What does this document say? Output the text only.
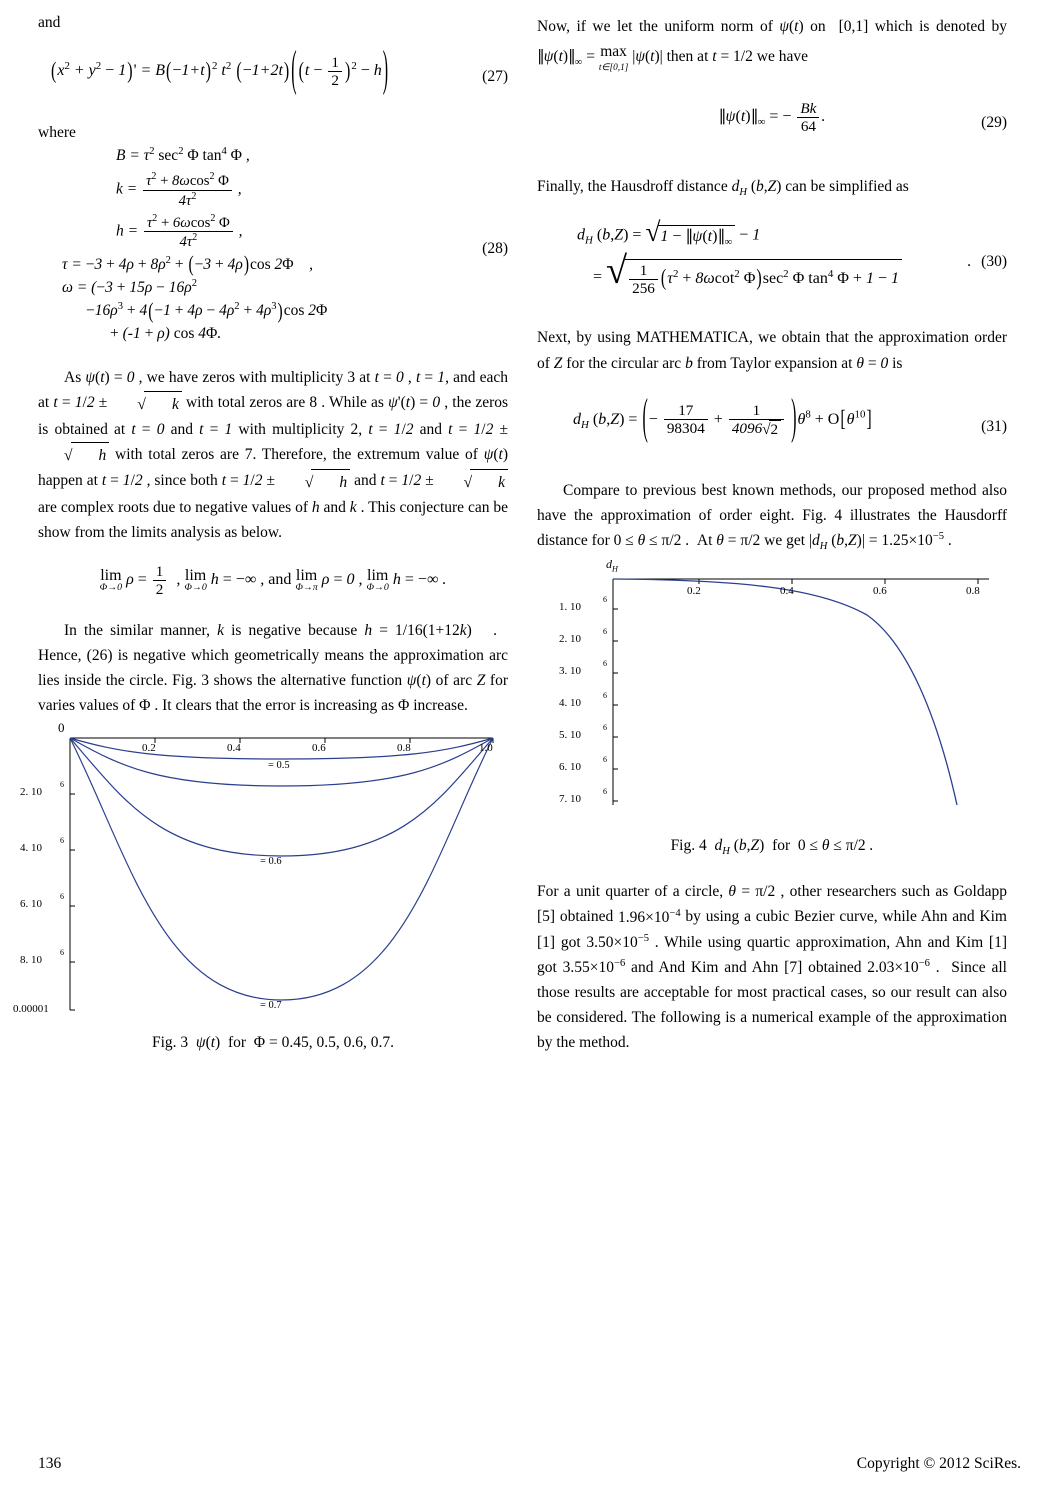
and
$(x^2 + y^2 - 1)' = B(-1+t)^2$ $t^2$ (−1+2t) ( $(t - \frac{1}{2} )^2 - h$)	(27)
where
$B = \tau^2$ $\sec^2 \Phi$ $\tan^4 \Phi$ ,
$k = \frac{\tau^2 + 8\omega\cos^2 \Phi}{4\tau^2}$ ,
$h = \frac{\tau^2 + 6\omega\cos^2 \Phi}{4\tau^2}$ ,
$\tau = -3 + 4\rho + 8\rho^2 + (-3 + 4\rho)\cos$ 2Φ    ,
$\omega = (-3 + 15\rho - 16\rho^2$
$-16\rho^3 + 4(-1 + 4\rho - 4\rho^2 + 4\rho^3)\cos$ 2Φ
+ (-1 + ρ) cos 4Φ.
(28)

As ψ(t) = 0 , we have zeros with multiplicity 3 at t = 0 , t = 1, and each at t = 1/2 ± √ k with total zeros are 8 . While as ψ'(t) = 0 , the zeros is obtained at t = 0 and t = 1 with multiplicity 2, t = 1/2 and t = 1/2 ± √ h with total zeros are 7. Therefore, the extremum value of ψ(t) happen at t = 1/2 , since both t = 1/2 ± √ h and t = 1/2 ± √ k are complex roots due to negative values of h and k . This conjecture can be show from the limits analysis as below.

lim
Φ→0 $\rho = \frac{1}{2}$ , lim
Φ→0 h = −∞ , and lim
Φ→π ρ = 0 , lim
Φ→0 h = −∞ .

In the similar manner, k is negative because h = 1/16(1+12k)   .   Hence, (26) is negative which geometrically means the approximation arc lies inside the circle. Fig. 3 shows the alternative function ψ(t) of arc Z for varies values of Φ . It clears that the error is increasing as Φ increase.

0
0.2	0.4	0.6	0.8	1.0
2. 10
6
4. 10
6
6. 10
6
8. 10
6
0.00001
= 0.5
= 0.6
= 0.7
Fig. 3  ψ(t) for Φ = 0.45, 0.5, 0.6, 0.7.

Now, if we let the uniform norm of ψ(t) on  [0,1] which is denoted by $\parallel\psi(t)\parallel_\infty = \max$
t∈[0,1]
|ψ(t)| then at t = 1/2 we have

$\parallel\psi(t)\parallel_\infty$ = − $\frac{Bk}{64}$ .	(29)

Finally, the Hausdroff distance $d_H$ (b,Z) can be simplified as

$d_H$ $(b,Z) = √1 - \parallel\psi(t)\parallel_\infty - 1$
= √ $\frac{1}{256} (\tau^2 + 8\omega\cot^2$ $\Phi)\sec^2$ Φ $\tan^4 \Phi + 1 - 1$
. (30)

Next, by using MATHEMATICA, we obtain that the approximation order of Z for the circular arc b from Taylor expansion at θ = 0 is

$d_H$ (b,Z) = (− $\frac{17}{98304} + \frac{1}{4096√2} )\theta^8 + O[\theta^{10}]$	(31)

Compare to previous best known methods, our proposed method also have the approximation of order eight. Fig. 4 illustrates the Hausdorff distance for 0 ≤ θ ≤ π/2 .  At θ = π/2 we get $|d_H$ $(b,Z)| = 1.25\times 10^{-5}$ .

$d_H$
0.2	0.4	0.6	0.8
1. 10
6
2. 10
6
3. 10
6
4. 10
6
5. 10
6
6. 10
6
7. 10
6
Fig. 4  $d_H$ (b,Z) for 0 ≤ θ ≤ π/2 .

For a unit quarter of a circle, θ = π/2 , other researchers such as Goldapp [5] obtained $1.96\times 10^{-4}$ by using a cubic Bezier curve, while Ahn and Kim [1] got $3.50\times 10^{-5}$ . While using quartic approximation, Ahn and Kim [1] got $3.55\times 10^{-6}$ and And Kim and Ahn [7] obtained $2.03\times 10^{-6}$ .  Since all those results are acceptable for most practical cases, so our result can also be considered. The following is a numerical example of the approximation by the method.

136	Copyright © 2012 SciRes.
